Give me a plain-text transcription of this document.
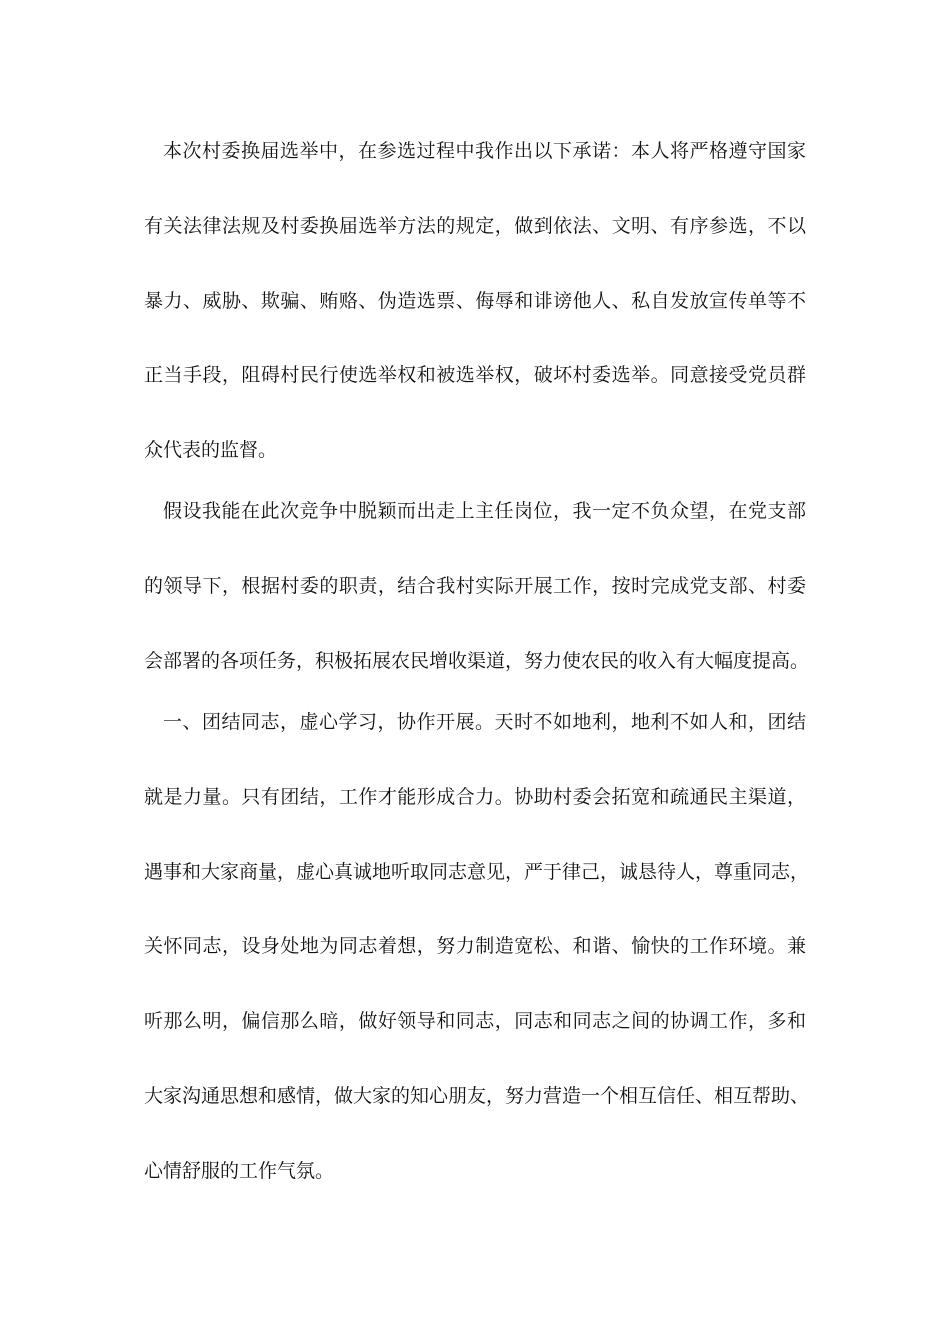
本次村委换届选举中，在参选过程中我作出以下承诺：本人将严格遵守国家
有关法律法规及村委换届选举方法的规定，做到依法、文明、有序参选，不以
暴力、威胁、欺骗、贿赂、伪造选票、侮辱和诽谤他人、私自发放宣传单等不
正当手段，阻碍村民行使选举权和被选举权，破坏村委选举。同意接受党员群
众代表的监督。
假设我能在此次竞争中脱颖而出走上主任岗位，我一定不负众望，在党支部
的领导下，根据村委的职责，结合我村实际开展工作，按时完成党支部、村委
会部署的各项任务，积极拓展农民增收渠道，努力使农民的收入有大幅度提高。
一、团结同志，虚心学习，协作开展。天时不如地利，地利不如人和，团结
就是力量。只有团结，工作才能形成合力。协助村委会拓宽和疏通民主渠道，
遇事和大家商量，虚心真诚地听取同志意见，严于律己，诚恳待人，尊重同志，
关怀同志，设身处地为同志着想，努力制造宽松、和谐、愉快的工作环境。兼
听那么明，偏信那么暗，做好领导和同志，同志和同志之间的协调工作，多和
大家沟通思想和感情，做大家的知心朋友，努力营造一个相互信任、相互帮助、
心情舒服的工作气氛。
